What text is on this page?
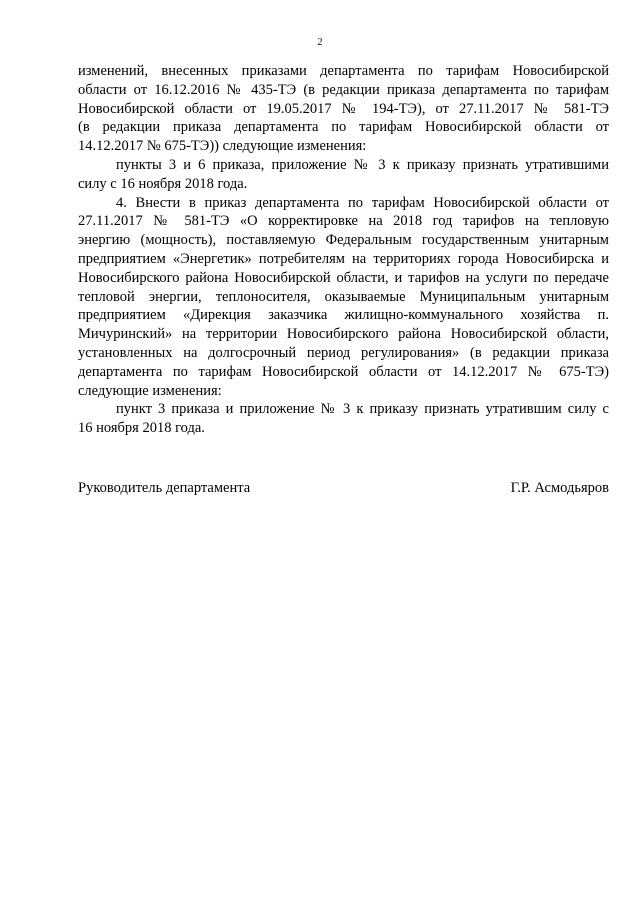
2
изменений, внесенных приказами департамента по тарифам Новосибирской
области от 16.12.2016 № 435-ТЭ (в редакции приказа департамента по тарифам
Новосибирской области от 19.05.2017 № 194-ТЭ), от 27.11.2017 № 581-ТЭ
(в редакции приказа департамента по тарифам Новосибирской области от
14.12.2017 № 675-ТЭ)) следующие изменения:
пункты 3 и 6 приказа, приложение № 3 к приказу признать утратившими
силу с 16 ноября 2018 года.
4. Внести в приказ департамента по тарифам Новосибирской области от
27.11.2017 № 581-ТЭ «О корректировке на 2018 год тарифов на тепловую
энергию (мощность), поставляемую Федеральным государственным унитарным
предприятием «Энергетик» потребителям на территориях города Новосибирска и
Новосибирского района Новосибирской области, и тарифов на услуги по передаче
тепловой энергии, теплоносителя, оказываемые Муниципальным унитарным
предприятием «Дирекция заказчика жилищно-коммунального хозяйства п.
Мичуринский» на территории Новосибирского района Новосибирской области,
установленных на долгосрочный период регулирования» (в редакции приказа
департамента по тарифам Новосибирской области от 14.12.2017 № 675-ТЭ)
следующие изменения:
пункт 3 приказа и приложение № 3 к приказу признать утратившим силу с
16 ноября 2018 года.
Руководитель департамента	Г.Р. Асмодьяров
